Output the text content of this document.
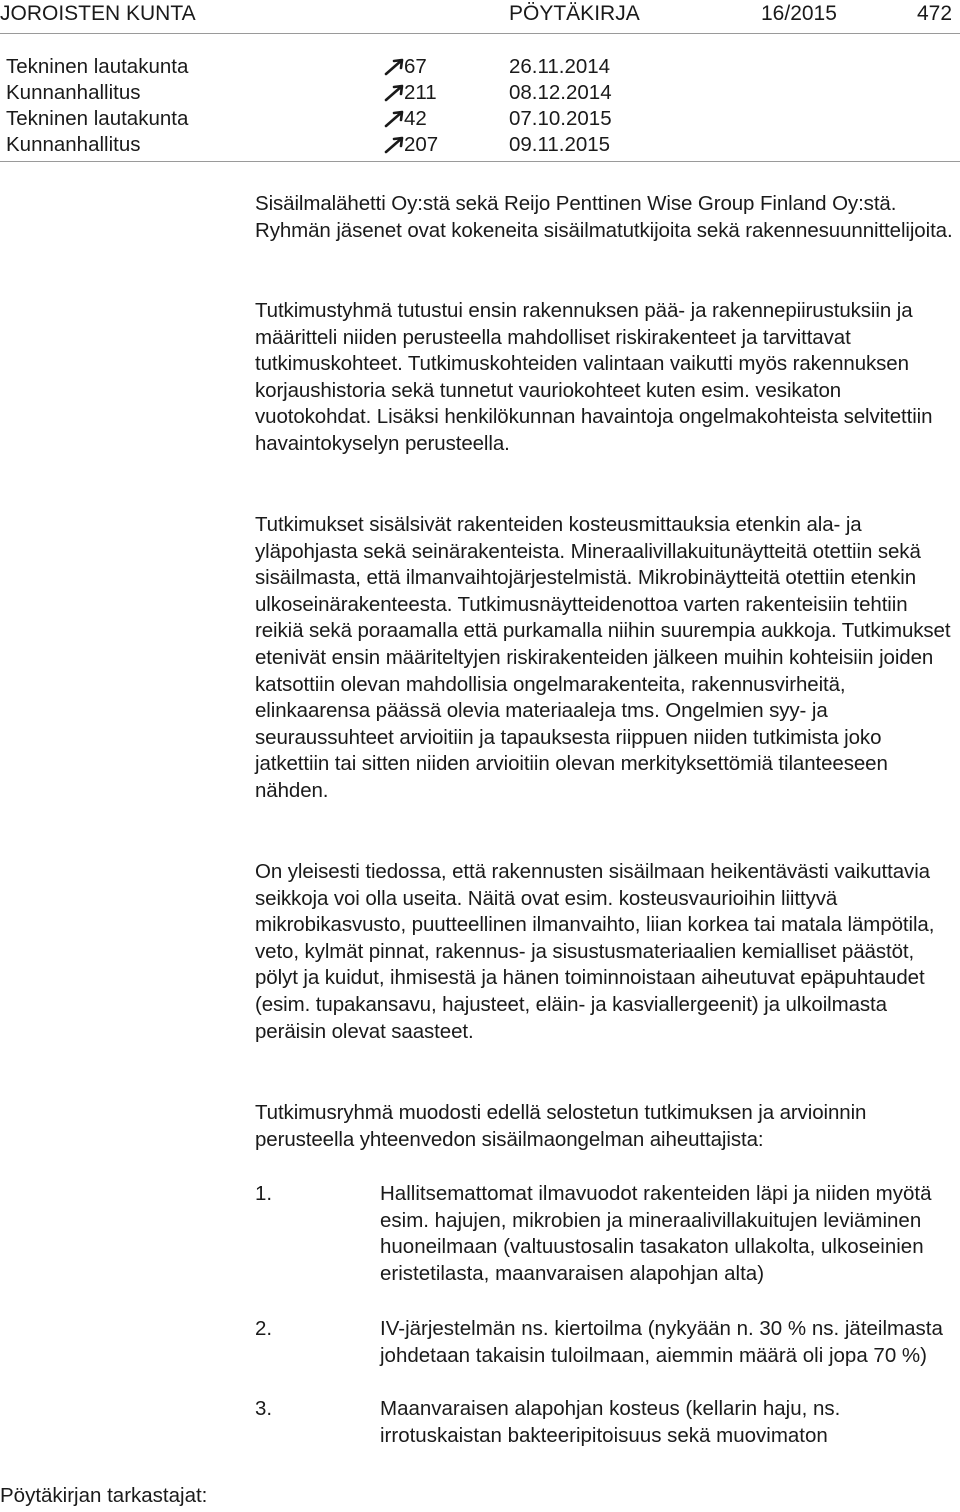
JOROISTEN KUNTA	PÖYTÄKIRJA	16/2015	472
Tekninen lautakunta	67	26.11.2014
Kunnanhallitus	211	08.12.2014
Tekninen lautakunta	42	07.10.2015
Kunnanhallitus	207	09.11.2015

Sisäilmalähetti Oy:stä sekä Reijo Penttinen Wise Group Finland Oy:stä. Ryhmän jäsenet ovat kokeneita sisäilmatutkijoita sekä rakennesuunnittelijoita.

Tutkimustyhmä tutustui ensin rakennuksen pää- ja rakennepiirustuksiin ja määritteli niiden perusteella mahdolliset riskirakenteet ja tarvittavat tutkimuskohteet. Tutkimuskohteiden valintaan vaikutti myös rakennuksen korjaushistoria sekä tunnetut vauriokohteet kuten esim. vesikaton vuotokohdat. Lisäksi henkilökunnan havaintoja ongelmakohteista selvitettiin havaintokyselyn perusteella.

Tutkimukset sisälsivät rakenteiden kosteusmittauksia etenkin ala- ja yläpohjasta sekä seinärakenteista. Mineraalivillakuitunäytteitä otettiin sekä sisäilmasta, että ilmanvaihtojärjestelmistä. Mikrobinäytteitä otettiin etenkin ulkoseinärakenteesta. Tutkimusnäytteidenottoa varten rakenteisiin tehtiin reikiä sekä poraamalla että purkamalla niihin suurempia aukkoja. Tutkimukset etenivät ensin määriteltyjen riskirakenteiden jälkeen muihin kohteisiin joiden katsottiin olevan mahdollisia ongelmarakenteita, rakennusvirheitä, elinkaarensa päässä olevia materiaaleja tms. Ongelmien syy- ja seuraussuhteet arvioitiin ja tapauksesta riippuen niiden tutkimista joko jatkettiin tai sitten niiden arvioitiin olevan merkityksettömiä tilanteeseen nähden.

On yleisesti tiedossa, että rakennusten sisäilmaan heikentävästi vaikuttavia seikkoja voi olla useita. Näitä ovat esim. kosteusvaurioihin liittyvä mikrobikasvusto, puutteellinen ilmanvaihto, liian korkea tai matala lämpötila, veto, kylmät pinnat, rakennus- ja sisustusmateriaalien kemialliset päästöt, pölyt ja kuidut, ihmisestä ja hänen toiminnoistaan aiheutuvat epäpuhtaudet (esim. tupakansavu, hajusteet, eläin- ja kasviallergeenit) ja ulkoilmasta peräisin olevat saasteet.

Tutkimusryhmä muodosti edellä selostetun tutkimuksen ja arvioinnin perusteella yhteenvedon sisäilmaongelman aiheuttajista:

1.	Hallitsemattomat ilmavuodot rakenteiden läpi ja niiden myötä esim. hajujen, mikrobien ja mineraalivillakuitujen leviäminen huoneilmaan (valtuustosalin tasakaton ullakolta, ulkoseinien eristetilasta, maanvaraisen alapohjan alta)
2.	IV-järjestelmän ns. kiertoilma (nykyään n. 30 % ns. jäteilmasta johdetaan takaisin tuloilmaan, aiemmin määrä oli jopa 70 %)
3.	Maanvaraisen alapohjan kosteus (kellarin haju, ns. irrotuskaistan bakteeripitoisuus sekä muovimaton
Pöytäkirjan tarkastajat:
